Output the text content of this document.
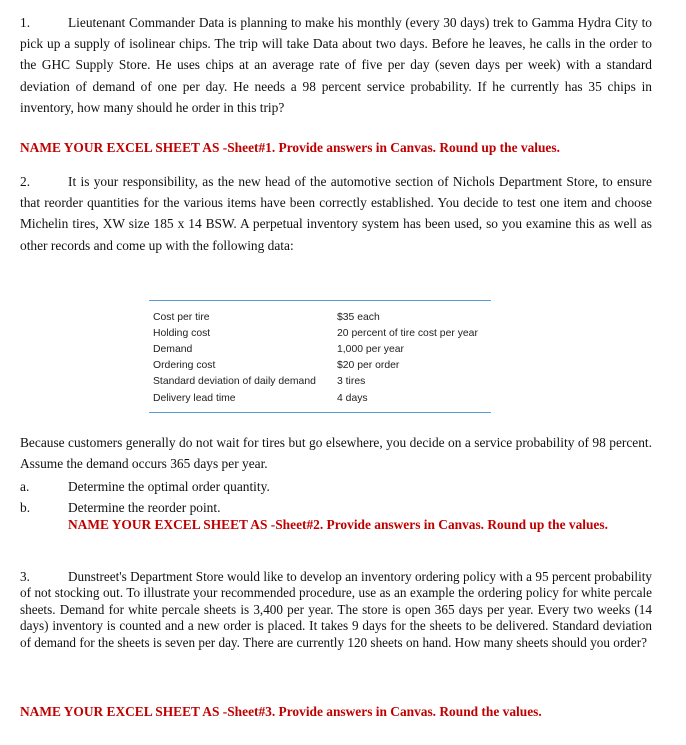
1.	Lieutenant Commander Data is planning to make his monthly (every 30 days) trek to Gamma Hydra City to pick up a supply of isolinear chips. The trip will take Data about two days. Before he leaves, he calls in the order to the GHC Supply Store. He uses chips at an average rate of five per day (seven days per week) with a standard deviation of demand of one per day. He needs a 98 percent service probability. If he currently has 35 chips in inventory, how many should he order in this trip?

NAME YOUR EXCEL SHEET AS -Sheet#1. Provide answers in Canvas. Round up the values.

2.	It is your responsibility, as the new head of the automotive section of Nichols Department Store, to ensure that reorder quantities for the various items have been correctly established. You decide to test one item and choose Michelin tires, XW size 185 x 14 BSW. A perpetual inventory system has been used, so you examine this as well as other records and come up with the following data:

Cost per tire	$35 each
Holding cost	20 percent of tire cost per year
Demand	1,000 per year
Ordering cost	$20 per order
Standard deviation of daily demand	3 tires
Delivery lead time	4 days

Because customers generally do not wait for tires but go elsewhere, you decide on a service probability of 98 percent. Assume the demand occurs 365 days per year.

a.	Determine the optimal order quantity.

b.	Determine the reorder point.

NAME YOUR EXCEL SHEET AS -Sheet#2. Provide answers in Canvas. Round up the values.

3.	Dunstreet's Department Store would like to develop an inventory ordering policy with a 95 percent probability of not stocking out. To illustrate your recommended procedure, use as an example the ordering policy for white percale sheets. Demand for white percale sheets is 3,400 per year. The store is open 365 days per year. Every two weeks (14 days) inventory is counted and a new order is placed. It takes 9 days for the sheets to be delivered. Standard deviation of demand for the sheets is seven per day. There are currently 120 sheets on hand. How many sheets should you order?

NAME YOUR EXCEL SHEET AS -Sheet#3. Provide answers in Canvas. Round the values.
